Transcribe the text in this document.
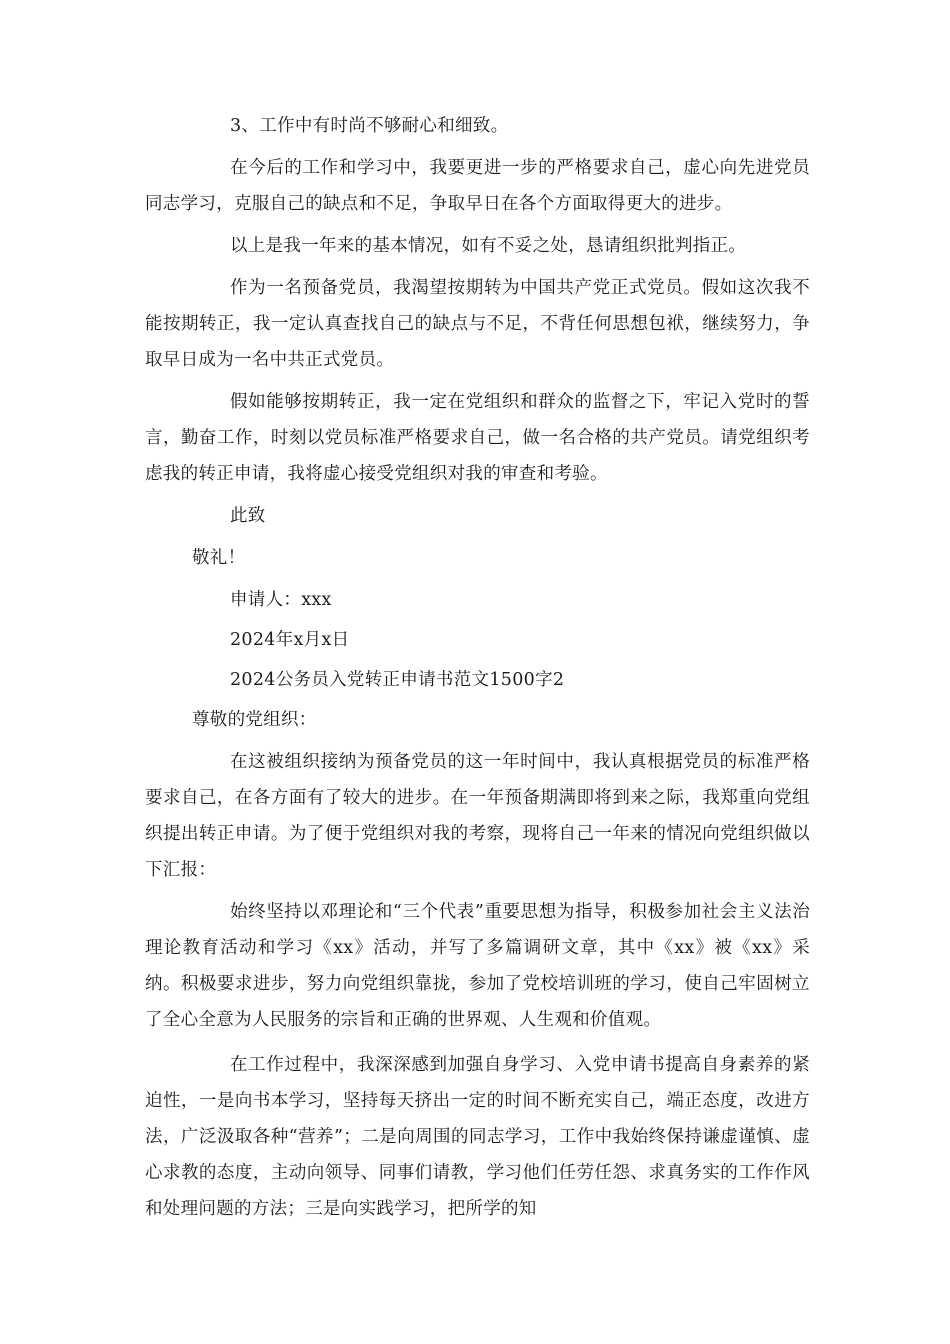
3、工作中有时尚不够耐心和细致。

在今后的工作和学习中，我要更进一步的严格要求自己，虚心向先进党员同志学习，克服自己的缺点和不足，争取早日在各个方面取得更大的进步。

以上是我一年来的基本情况，如有不妥之处，恳请组织批判指正。

作为一名预备党员，我渴望按期转为中国共产党正式党员。假如这次我不能按期转正，我一定认真查找自己的缺点与不足，不背任何思想包袱，继续努力，争取早日成为一名中共正式党员。

假如能够按期转正，我一定在党组织和群众的监督之下，牢记入党时的誓言，勤奋工作，时刻以党员标准严格要求自己，做一名合格的共产党员。请党组织考虑我的转正申请，我将虚心接受党组织对我的审查和考验。

此致

敬礼！

申请人：xxx

2024年x月x日

2024公务员入党转正申请书范文1500字2

尊敬的党组织：

在这被组织接纳为预备党员的这一年时间中，我认真根据党员的标准严格要求自己，在各方面有了较大的进步。在一年预备期满即将到来之际，我郑重向党组织提出转正申请。为了便于党组织对我的考察，现将自己一年来的情况向党组织做以下汇报：

始终坚持以邓理论和“三个代表”重要思想为指导，积极参加社会主义法治理论教育活动和学习《xx》活动，并写了多篇调研文章，其中《xx》被《xx》采纳。积极要求进步，努力向党组织靠拢，参加了党校培训班的学习，使自己牢固树立了全心全意为人民服务的宗旨和正确的世界观、人生观和价值观。

在工作过程中，我深深感到加强自身学习、入党申请书提高自身素养的紧迫性，一是向书本学习，坚持每天挤出一定的时间不断充实自己，端正态度，改进方法，广泛汲取各种“营养”；二是向周围的同志学习，工作中我始终保持谦虚谨慎、虚心求教的态度，主动向领导、同事们请教，学习他们任劳任怨、求真务实的工作作风和处理问题的方法；三是向实践学习，把所学的知
